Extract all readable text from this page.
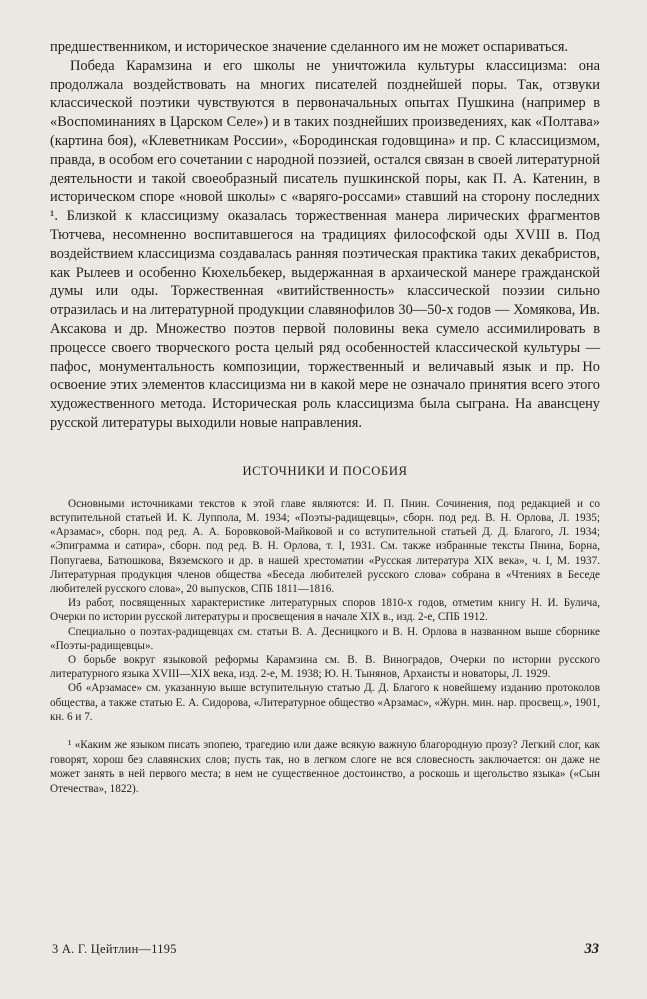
предшественником, и историческое значение сделанного им не может оспариваться.

Победа Карамзина и его школы не уничтожила культуры классицизма: она продолжала воздействовать на многих писателей позднейшей поры. Так, отзвуки классической поэтики чувствуются в первоначальных опытах Пушкина (например в «Воспоминаниях в Царском Селе») и в таких позднейших произведениях, как «Полтава» (картина боя), «Клеветникам России», «Бородинская годовщина» и пр. С классицизмом, правда, в особом его сочетании с народной поэзией, остался связан в своей литературной деятельности и такой своеобразный писатель пушкинской поры, как П. А. Катенин, в историческом споре «новой школы» с «варяго-россами» ставший на сторону последних ¹. Близкой к классицизму оказалась торжественная манера лирических фрагментов Тютчева, несомненно воспитавшегося на традициях философской оды XVIII в. Под воздействием классицизма создавалась ранняя поэтическая практика таких декабристов, как Рылеев и особенно Кюхельбекер, выдержанная в архаической манере гражданской думы или оды. Торжественная «витийственность» классической поэзии сильно отразилась и на литературной продукции славянофилов 30—50-х годов — Хомякова, Ив. Аксакова и др. Множество поэтов первой половины века сумело ассимилировать в процессе своего творческого роста целый ряд особенностей классической культуры — пафос, монументальность композиции, торжественный и величавый язык и пр. Но освоение этих элементов классицизма ни в какой мере не означало принятия всего этого художественного метода. Историческая роль классицизма была сыграна. На авансцену русской литературы выходили новые направления.

ИСТОЧНИКИ И ПОСОБИЯ

Основными источниками текстов к этой главе являются: И. П. Пнин. Сочинения, под редакцией и со вступительной статьей И. К. Луппола, М. 1934; «Поэты-радищевцы», сборн. под ред. В. Н. Орлова, Л. 1935; «Арзамас», сборн. под ред. А. А. Боровковой-Майковой и со вступительной статьей Д. Д. Благого, Л. 1934; «Эпиграмма и сатира», сборн. под ред. В. Н. Орлова, т. I, 1931. См. также избранные тексты Пнина, Борна, Попугаева, Батюшкова, Вяземского и др. в нашей хрестоматии «Русская литература XIX века», ч. I, М. 1937. Литературная продукция членов общества «Беседа любителей русского слова» собрана в «Чтениях в Беседе любителей русского слова», 20 выпусков, СПБ 1811—1816.

Из работ, посвященных характеристике литературных споров 1810-х годов, отметим книгу Н. И. Булича, Очерки по истории русской литературы и просвещения в начале XIX в., изд. 2-е, СПБ 1912.

Специально о поэтах-радищевцах см. статьи В. А. Десницкого и В. Н. Орлова в названном выше сборнике «Поэты-радищевцы».

О борьбе вокруг языковой реформы Карамзина см. В. В. Виноградов, Очерки по истории русского литературного языка XVIII—XIX века, изд. 2-е, М. 1938; Ю. Н. Тынянов, Архаисты и новаторы, Л. 1929.

Об «Арзамасе» см. указанную выше вступительную статью Д. Д. Благого к новейшему изданию протоколов общества, а также статью Е. А. Сидорова, «Литературное общество «Арзамас», «Журн. мин. нар. просвещ.», 1901, кн. 6 и 7.

¹ «Каким же языком писать эпопею, трагедию или даже всякую важную благородную прозу? Легкий слог, как говорят, хорош без славянских слов; пусть так, но в легком слоге не вся словесность заключается: он даже не может занять в ней первого места; в нем не существенное достоинство, а роскошь и щегольство языка» («Сын Отечества», 1822).

3 А. Г. Цейтлин—1195	33
